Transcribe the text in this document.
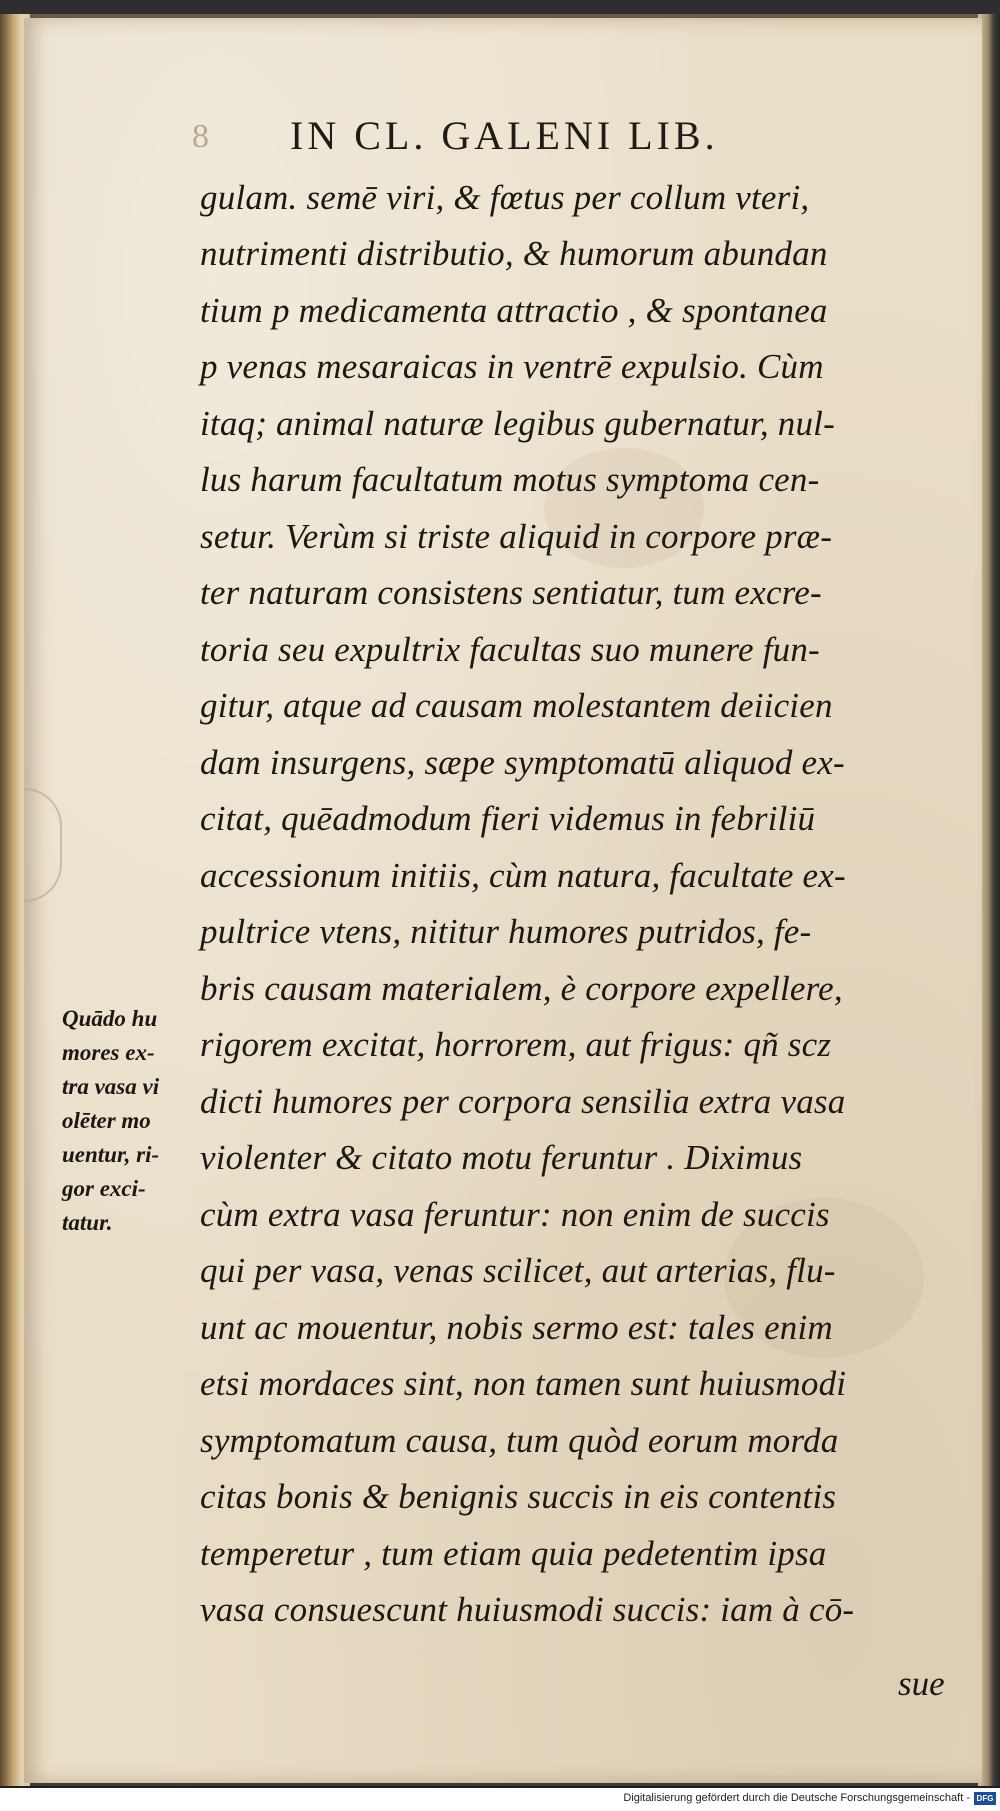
8 IN CL. GALENI LIB.
gulam. semē viri, & fœtus per collum vteri,
nutrimenti distributio, & humorum abundan
tium p medicamenta attractio , & spontanea
p venas mesaraicas in ventrē expulsio. Cùm
itaq; animal naturæ legibus gubernatur, nul-
lus harum facultatum motus symptoma cen-
setur. Verùm si triste aliquid in corpore præ-
ter naturam consistens sentiatur, tum excre-
toria seu expultrix facultas suo munere fun-
gitur, atque ad causam molestantem deiicien
dam insurgens, sæpe symptomatū aliquod ex-
citat, quēadmodum fieri videmus in febriliū
accessionum initiis, cùm natura, facultate ex-
pultrice vtens, nititur humores putridos, fe-
bris causam materialem, è corpore expellere,
rigorem excitat, horrorem, aut frigus: qñ scz
dicti humores per corpora sensilia extra vasa
violenter & citato motu feruntur . Diximus
cùm extra vasa feruntur: non enim de succis
qui per vasa, venas scilicet, aut arterias, flu-
unt ac mouentur, nobis sermo est: tales enim
etsi mordaces sint, non tamen sunt huiusmodi
symptomatum causa, tum quòd eorum morda
citas bonis & benignis succis in eis contentis
temperetur , tum etiam quia pedetentim ipsa
vasa consuescunt huiusmodi succis: iam à cō-
sue
Quādo hu
mores ex-
tra vasa vi
olēter mo
uentur, ri-
gor exci-
tatur.
Digitalisierung gefördert durch die Deutsche Forschungsgemeinschaft - DFG
